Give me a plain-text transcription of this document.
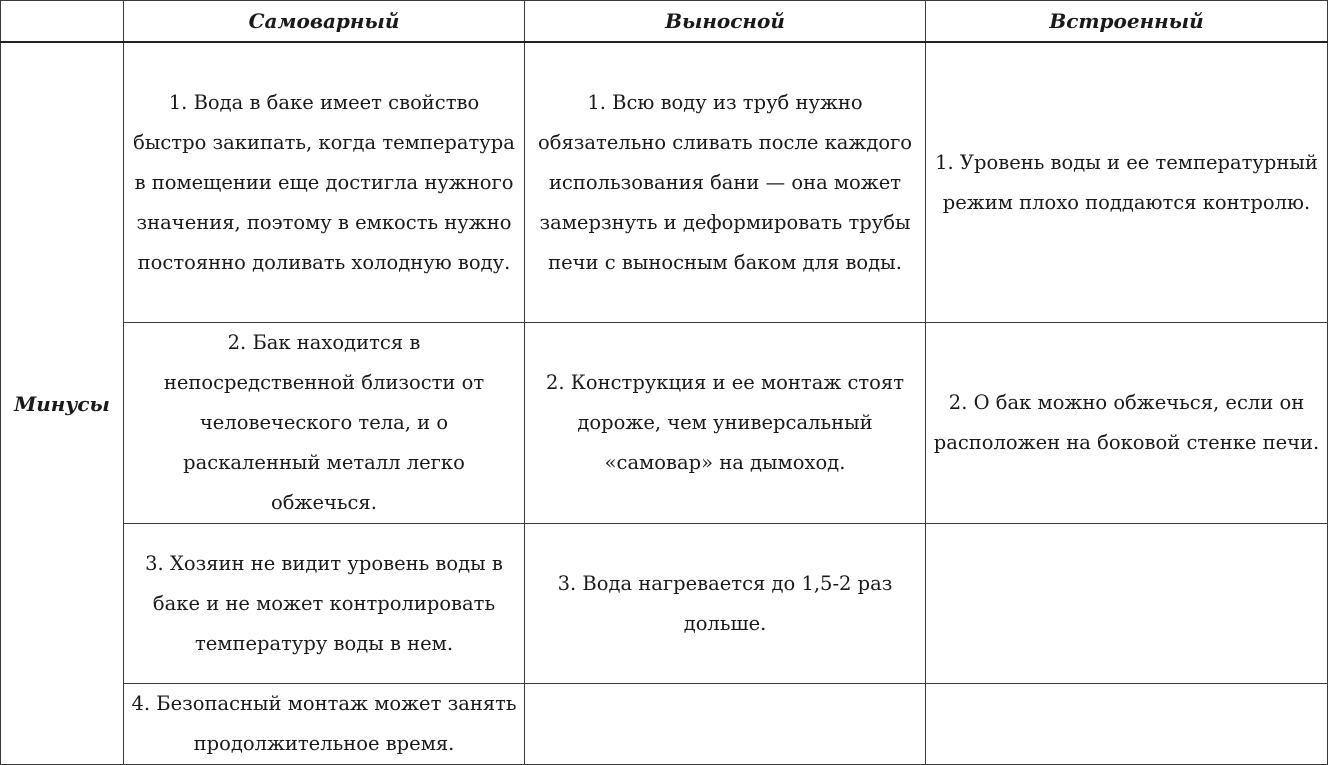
	Самоварный	Выносной	Встроенный
Минусы	1. Вода в баке имеет свойство быстро закипать, когда температура в помещении еще достигла нужного значения, поэтому в емкость нужно постоянно доливать холодную воду.	1. Всю воду из труб нужно обязательно сливать после каждого использования бани — она может замерзнуть и деформировать трубы печи с выносным баком для воды.	1. Уровень воды и ее температурный режим плохо поддаются контролю.

	2. Бак находится в непосредственной близости от человеческого тела, и о раскаленный металл легко обжечься.	2. Конструкция и ее монтаж стоят дороже, чем универсальный «самовар» на дымоход.	2. О бак можно обжечься, если он расположен на боковой стенке печи.

	3. Хозяин не видит уровень воды в баке и не может контролировать температуру воды в нем.	3. Вода нагревается до 1,5-2 раз дольше.	

	4. Безопасный монтаж может занять продолжительное время.		
